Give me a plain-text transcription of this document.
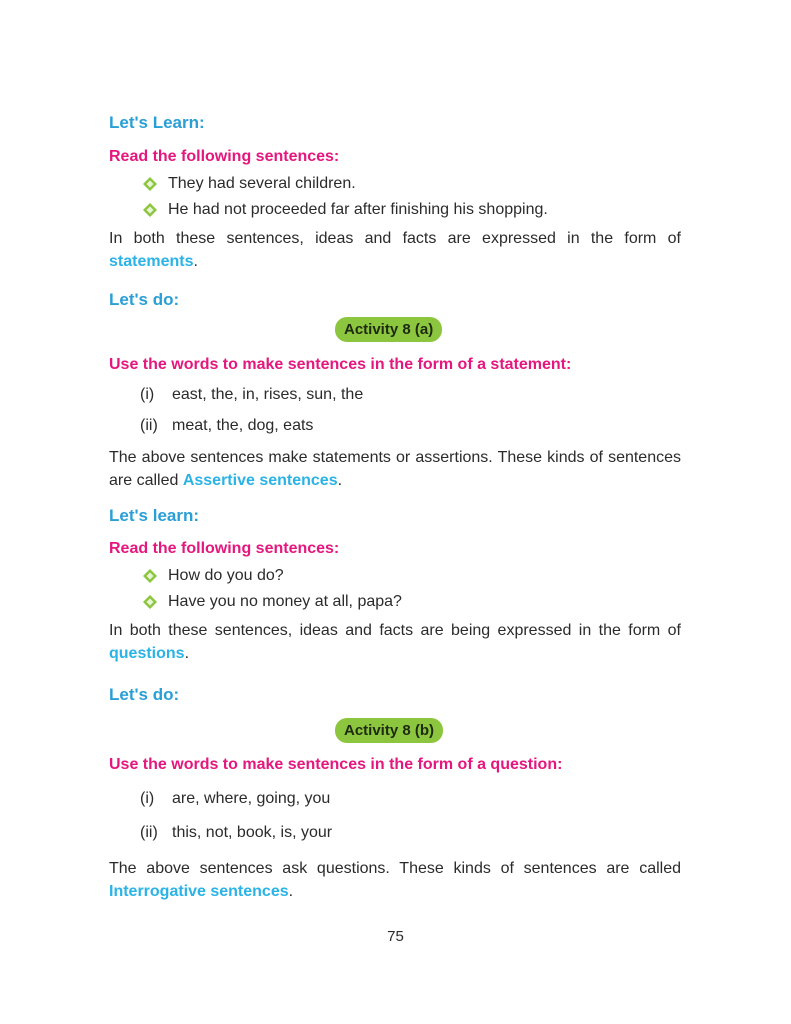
Let's Learn:
Read the following sentences:
They had several children.
He had not proceeded far after finishing his shopping.
In both these sentences, ideas and facts are expressed in the form of statements.
Let's do:
Activity 8 (a)
Use the words to make sentences in the form of a statement:
(i) east, the, in, rises, sun, the
(ii) meat, the, dog, eats
The above sentences make statements or assertions. These kinds of sentences are called Assertive sentences.
Let's learn:
Read the following sentences:
How do you do?
Have you no money at all, papa?
In both these sentences, ideas and facts are being expressed in the form of questions.
Let's do:
Activity 8 (b)
Use the words to make sentences in the form of a question:
(i) are, where, going, you
(ii) this, not, book, is, your
The above sentences ask questions. These kinds of sentences are called Interrogative sentences.
75
